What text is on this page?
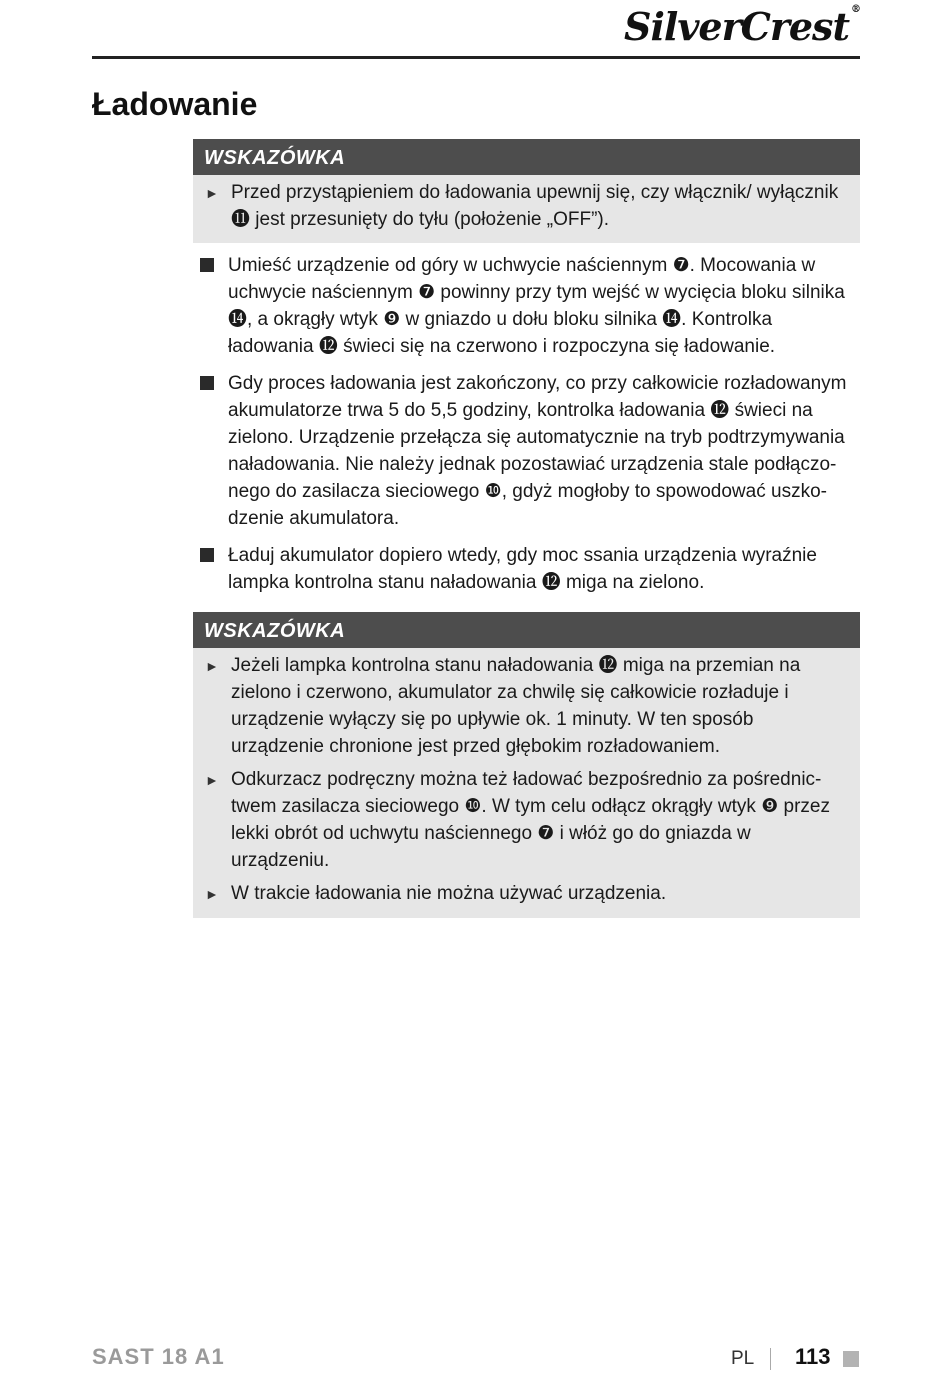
SilverCrest ®
Ładowanie
WSKAZÓWKA
► Przed przystąpieniem do ładowania upewnij się, czy włącznik/ wyłącznik ⓫ jest przesunięty do tyłu (położenie „OFF”).
Umieść urządzenie od góry w uchwycie naściennym ❼. Mocowania w uchwycie naściennym ❼ powinny przy tym wejść w wycięcia bloku silnika ⓮, a okrągły wtyk ❾ w gniazdo u dołu bloku silnika ⓮. Kontrolka ładowania ⓬ świeci się na czerwono i rozpoczyna się ładowanie.
Gdy proces ładowania jest zakończony, co przy całkowicie rozładowanym akumulatorze trwa 5 do 5,5 godziny, kontrolka ładowania ⓬ świeci na zielono. Urządzenie przełącza się automatycznie na tryb podtrzymywania naładowania. Nie należy jednak pozostawiać urządzenia stale podłączonego do zasilacza sieciowego ❿, gdyż mogłoby to spowodować uszkodzenie akumulatora.
Ładuj akumulator dopiero wtedy, gdy moc ssania urządzenia wyraźnie lampka kontrolna stanu naładowania ⓬ miga na zielono.
WSKAZÓWKA
► Jeżeli lampka kontrolna stanu naładowania ⓬ miga na przemian na zielono i czerwono, akumulator za chwilę się całkowicie rozładuje i urządzenie wyłączy się po upływie ok. 1 minuty. W ten sposób urządzenie chronione jest przed głębokim rozładowaniem.
► Odkurzacz podręczny można też ładować bezpośrednio za pośrednictwem zasilacza sieciowego ❿. W tym celu odłącz okrągły wtyk ❾ przez lekki obrót od uchwytu naściennego ❼ i włóż go do gniazda w urządzeniu.
► W trakcie ładowania nie można używać urządzenia.
SAST 18 A1	PL 113
